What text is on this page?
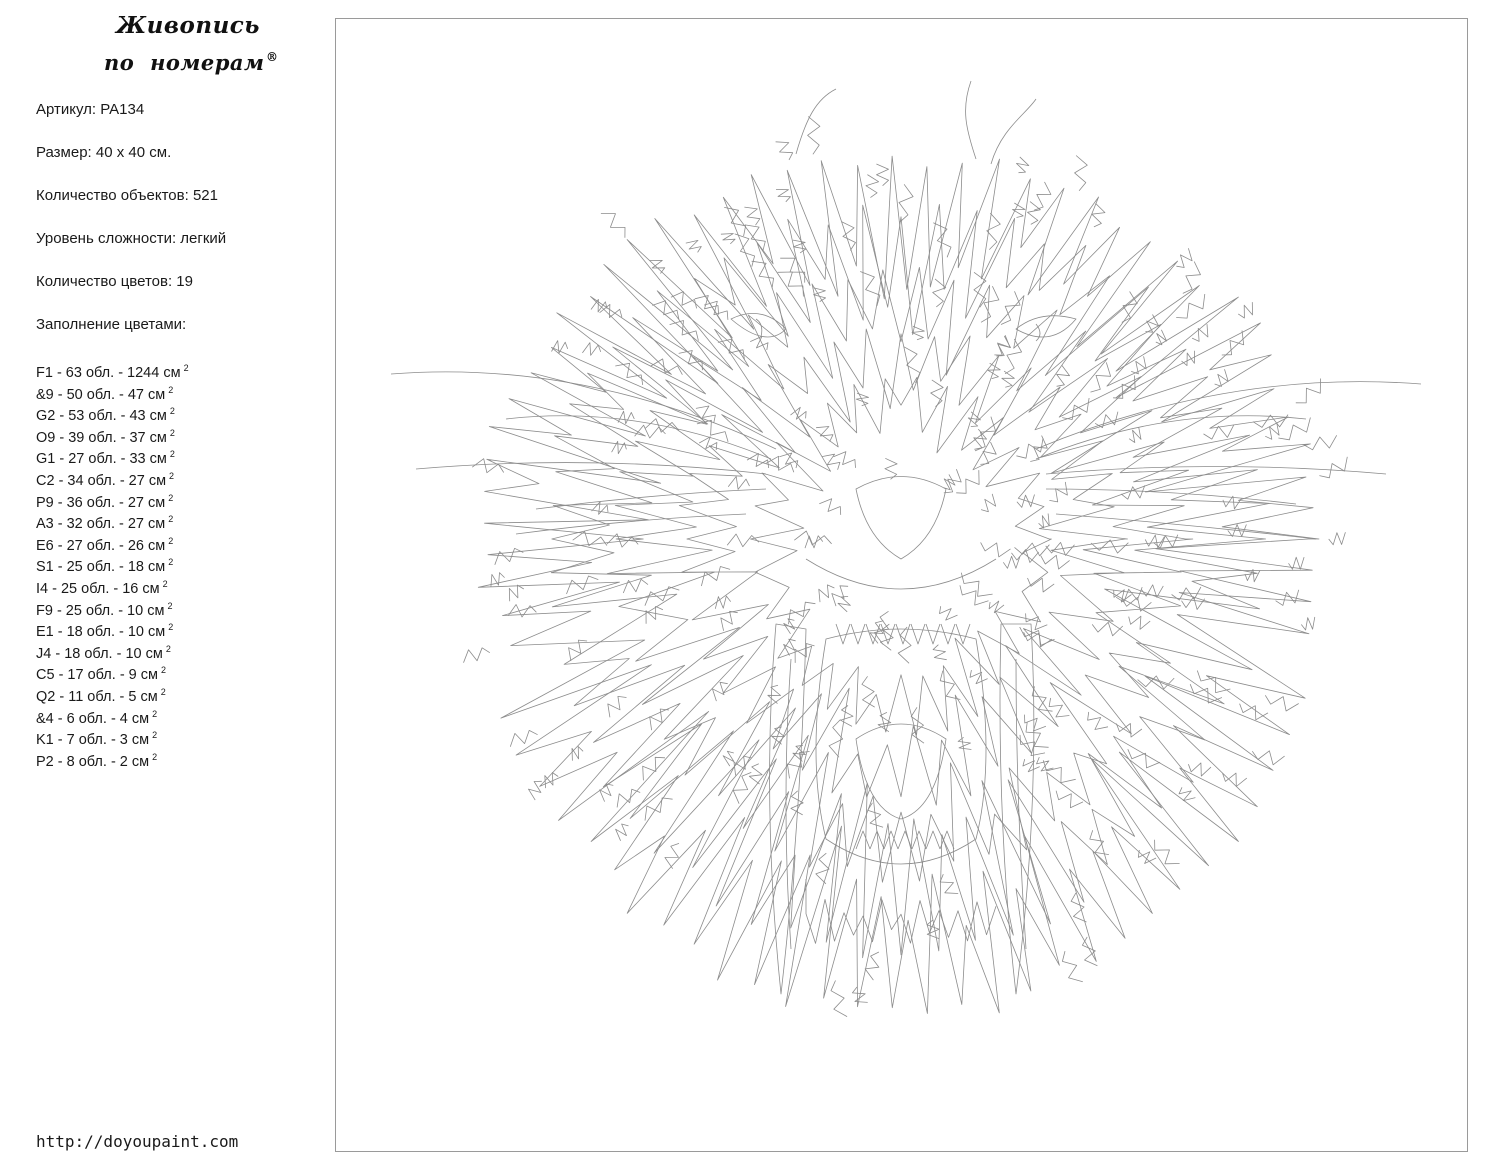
Живопись
по номерам ®
Артикул: PA134
Размер: 40 х 40 см.
Количество объектов: 521
Уровень сложности: легкий
Количество цветов: 19
Заполнение цветами:
F1 - 63 обл. - 1244 см $^2$
&9 - 50 обл. - 47 см $^2$
G2 - 53 обл. - 43 см $^2$
O9 - 39 обл. - 37 см $^2$
G1 - 27 обл. - 33 см $^2$
C2 - 34 обл. - 27 см $^2$
P9 - 36 обл. - 27 см $^2$
A3 - 32 обл. - 27 см $^2$
E6 - 27 обл. - 26 см $^2$
S1 - 25 обл. - 18 см $^2$
I4 - 25 обл. - 16 см $^2$
F9 - 25 обл. - 10 см $^2$
E1 - 18 обл. - 10 см $^2$
J4 - 18 обл. - 10 см $^2$
C5 - 17 обл. - 9 см $^2$
Q2 - 11 обл. - 5 см $^2$
&4 - 6 обл. - 4 см $^2$
K1 - 7 обл. - 3 см $^2$
P2 - 8 обл. - 2 см $^2$
http://doyoupaint.com
